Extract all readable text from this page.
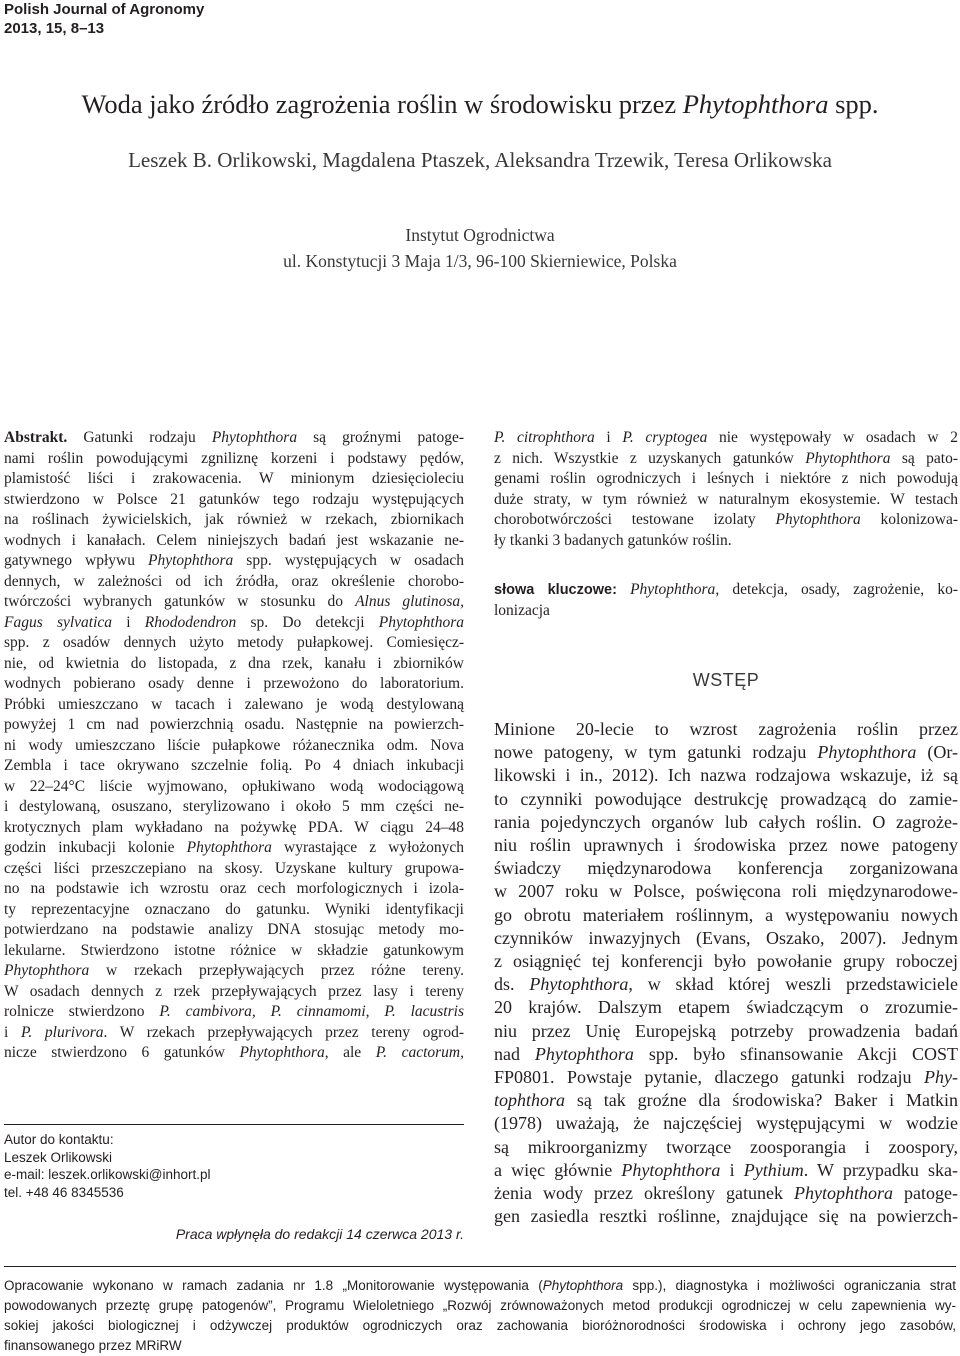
Polish Journal of Agronomy
2013, 15, 8–13
Woda jako źródło zagrożenia roślin w środowisku przez Phytophthora spp.
Leszek B. Orlikowski, Magdalena Ptaszek, Aleksandra Trzewik, Teresa Orlikowska
Instytut Ogrodnictwa
ul. Konstytucji 3 Maja 1/3, 96-100 Skierniewice, Polska
Abstrakt. Gatunki rodzaju Phytophthora są groźnymi patoge-
nami roślin powodującymi zgniliznę korzeni i podstawy pędów,
plamistość liści i zrakowacenia. W minionym dziesięcioleciu
stwierdzono w Polsce 21 gatunków tego rodzaju występujących
na roślinach żywicielskich, jak również w rzekach, zbiornikach
wodnych i kanałach. Celem niniejszych badań jest wskazanie ne-
gatywnego wpływu Phytophthora spp. występujących w osadach
dennych, w zależności od ich źródła, oraz określenie chorobo-
twórczości wybranych gatunków w stosunku do Alnus glutinosa,
Fagus sylvatica i Rhododendron sp. Do detekcji Phytophthora
spp. z osadów dennych użyto metody pułapkowej. Comiesięcz-
nie, od kwietnia do listopada, z dna rzek, kanału i zbiorników
wodnych pobierano osady denne i przewożono do laboratorium.
Próbki umieszczano w tacach i zalewano je wodą destylowaną
powyżej 1 cm nad powierzchnią osadu. Następnie na powierzch-
ni wody umieszczano liście pułapkowe różanecznika odm. Nova
Zembla i tace okrywano szczelnie folią. Po 4 dniach inkubacji
w 22–24°C liście wyjmowano, opłukiwano wodą wodociągową
i destylowaną, osuszano, sterylizowano i około 5 mm części ne-
krotycznych plam wykładano na pożywkę PDA. W ciągu 24–48
godzin inkubacji kolonie Phytophthora wyrastające z wyłożonych
części liści przeszczepiano na skosy. Uzyskane kultury grupowa-
no na podstawie ich wzrostu oraz cech morfologicznych i izola-
ty reprezentacyjne oznaczano do gatunku. Wyniki identyfikacji
potwierdzano na podstawie analizy DNA stosując metody mo-
lekularne. Stwierdzono istotne różnice w składzie gatunkowym
Phytophthora w rzekach przepływających przez różne tereny.
W osadach dennych z rzek przepływających przez lasy i tereny
rolnicze stwierdzono P. cambivora, P. cinnamomi, P. lacustris
i P. plurivora. W rzekach przepływających przez tereny ogrod-
nicze stwierdzono 6 gatunków Phytophthora, ale P. cactorum,
P. citrophthora i P. cryptogea nie występowały w osadach w 2
z nich. Wszystkie z uzyskanych gatunków Phytophthora są pato-
genami roślin ogrodniczych i leśnych i niektóre z nich powodują
duże straty, w tym również w naturalnym ekosystemie. W testach
chorobotwórczości testowane izolaty Phytophthora kolonizowa-
ły tkanki 3 badanych gatunków roślin.
słowa kluczowe: Phytophthora, detekcja, osady, zagrożenie, ko-
lonizacja
WSTĘP
Minione 20-lecie to wzrost zagrożenia roślin przez
nowe patogeny, w tym gatunki rodzaju Phytophthora (Or-
likowski i in., 2012). Ich nazwa rodzajowa wskazuje, iż są
to czynniki powodujące destrukcję prowadzącą do zamie-
rania pojedynczych organów lub całych roślin. O zagroże-
niu roślin uprawnych i środowiska przez nowe patogeny
świadczy międzynarodowa konferencja zorganizowana
w 2007 roku w Polsce, poświęcona roli międzynarodowe-
go obrotu materiałem roślinnym, a występowaniu nowych
czynników inwazyjnych (Evans, Oszako, 2007). Jednym
z osiągnięć tej konferencji było powołanie grupy roboczej
ds. Phytophthora, w skład której weszli przedstawiciele
20 krajów. Dalszym etapem świadczącym o zrozumie-
niu przez Unię Europejską potrzeby prowadzenia badań
nad Phytophthora spp. było sfinansowanie Akcji COST
FP0801. Powstaje pytanie, dlaczego gatunki rodzaju Phy-
tophthora są tak groźne dla środowiska? Baker i Matkin
(1978) uważają, że najczęściej występującymi w wodzie
są mikroorganizmy tworzące zoosporangia i zoospory,
a więc głównie Phytophthora i Pythium. W przypadku ska-
żenia wody przez określony gatunek Phytophthora patoge-
gen zasiedla resztki roślinne, znajdujące się na powierzch-
Autor do kontaktu:
Leszek Orlikowski
e-mail: leszek.orlikowski@inhort.pl
tel. +48 46 8345536
Praca wpłynęła do redakcji 14 czerwca 2013 r.
Opracowanie wykonano w ramach zadania nr 1.8 „Monitorowanie występowania (Phytophthora spp.), diagnostyka i możliwości ograniczania strat
powodowanych przeztę grupę patogenów”, Programu Wieloletniego „Rozwój zrównoważonych metod produkcji ogrodniczej w celu zapewnienia wy-
sokiej jakości biologicznej i odżywczej produktów ogrodniczych oraz zachowania bioróżnorodności środowiska i ochrony jego zasobów,
finansowanego przez MRiRW
